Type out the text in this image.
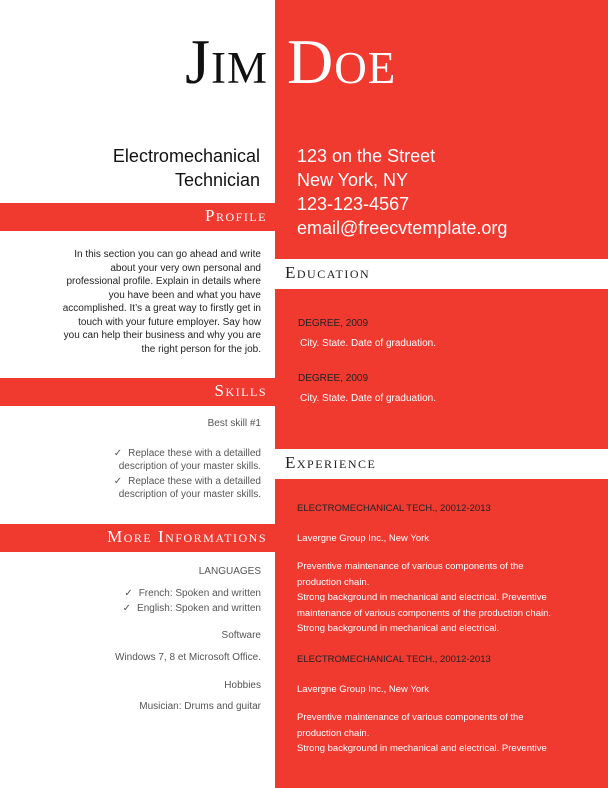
Jim Doe
Electromechanical
Technician
123 on the Street
New York, NY
123-123-4567
email@freecvtemplate.org
Profile
In this section you can go ahead and write
about your very own personal and
professional profile. Explain in details where
you have been and what you have
accomplished. It’s a great way to firstly get in
touch with your future employer. Say how
you can help their business and why you are
the right person for the job.
Skills
Best skill #1
✓ Replace these with a detailled
description of your master skills.
✓ Replace these with a detailled
description of your master skills.
More Informations
LANGUAGES
✓ French: Spoken and written
✓ English: Spoken and written
Software
Windows 7, 8 et Microsoft Office.
Hobbies
Musician: Drums and guitar
Education
DEGREE, 2009
City. State. Date of graduation.
DEGREE, 2009
City. State. Date of graduation.
Experience
ELECTROMECHANICAL TECH., 20012-2013
Lavergne Group Inc., New York
Preventive maintenance of various components of the
production chain.
Strong background in mechanical and electrical. Preventive
maintenance of various components of the production chain.
Strong background in mechanical and electrical.
ELECTROMECHANICAL TECH., 20012-2013
Lavergne Group Inc., New York
Preventive maintenance of various components of the
production chain.
Strong background in mechanical and electrical. Preventive
